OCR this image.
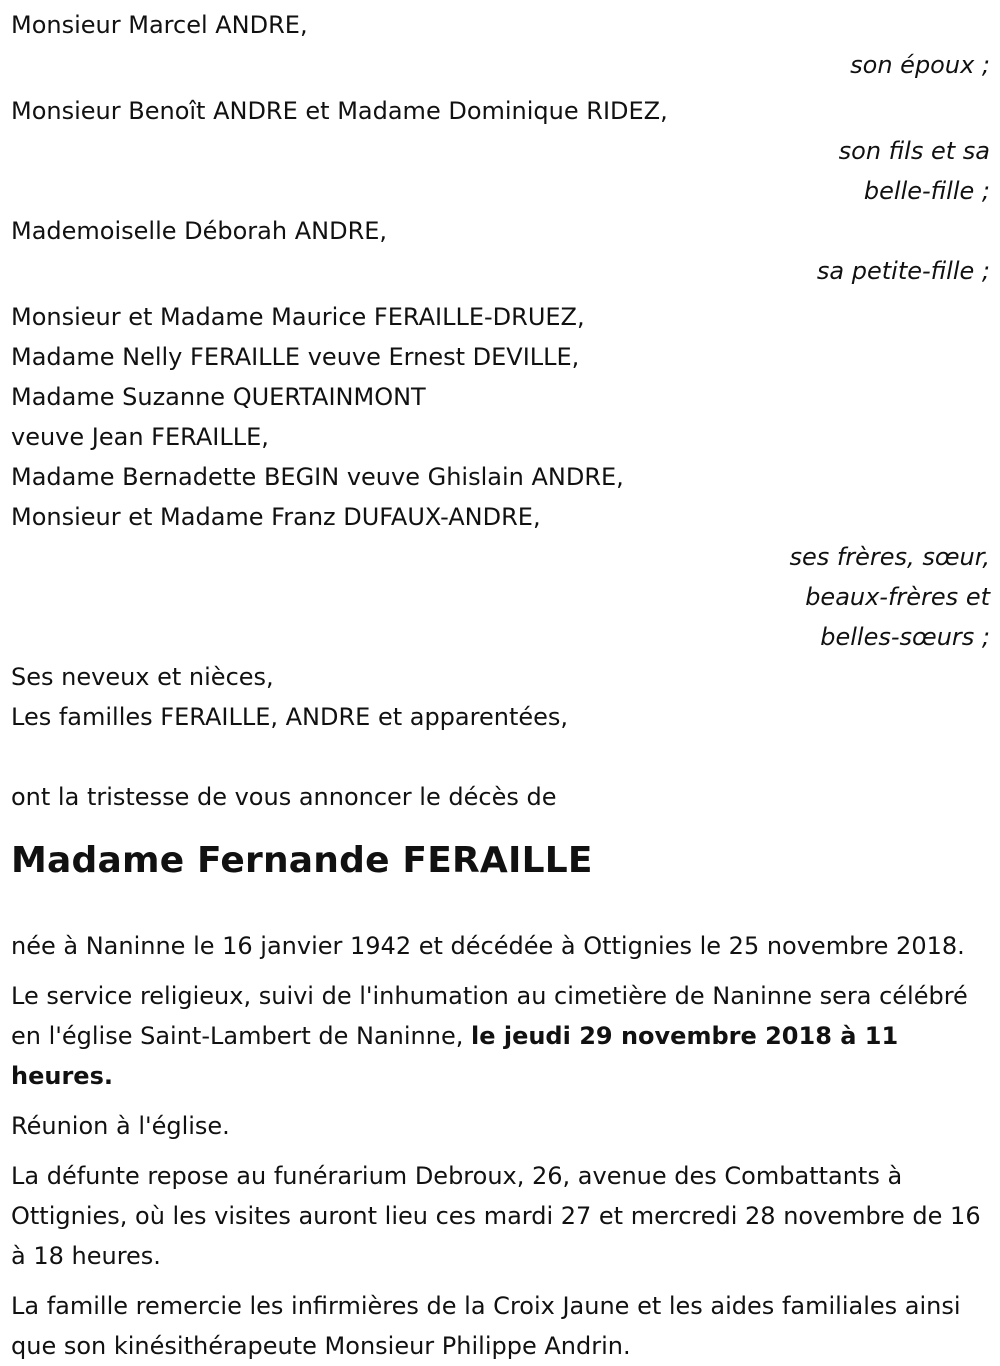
Monsieur Marcel ANDRE,
son époux ;
Monsieur Benoît ANDRE et Madame Dominique RIDEZ,
son fils et sa
belle-fille ;
Mademoiselle Déborah ANDRE,
sa petite-fille ;
Monsieur et Madame Maurice FERAILLE-DRUEZ,
Madame Nelly FERAILLE veuve Ernest DEVILLE,
Madame Suzanne QUERTAINMONT
veuve Jean FERAILLE,
Madame Bernadette BEGIN veuve Ghislain ANDRE,
Monsieur et Madame Franz DUFAUX-ANDRE,
ses frères, sœur,
beaux-frères et
belles-sœurs ;
Ses neveux et nièces,
Les familles FERAILLE, ANDRE et apparentées,
ont la tristesse de vous annoncer le décès de
Madame Fernande FERAILLE
née à Naninne le 16 janvier 1942 et décédée à Ottignies le 25 novembre 2018.
Le service religieux, suivi de l'inhumation au cimetière de Naninne sera célébré en l'église Saint-Lambert de Naninne, le jeudi 29 novembre 2018 à 11 heures.
Réunion à l'église.
La défunte repose au funérarium Debroux, 26, avenue des Combattants à Ottignies, où les visites auront lieu ces mardi 27 et mercredi 28 novembre de 16 à 18 heures.
La famille remercie les infirmières de la Croix Jaune et les aides familiales ainsi que son kinésithérapeute Monsieur Philippe Andrin.
